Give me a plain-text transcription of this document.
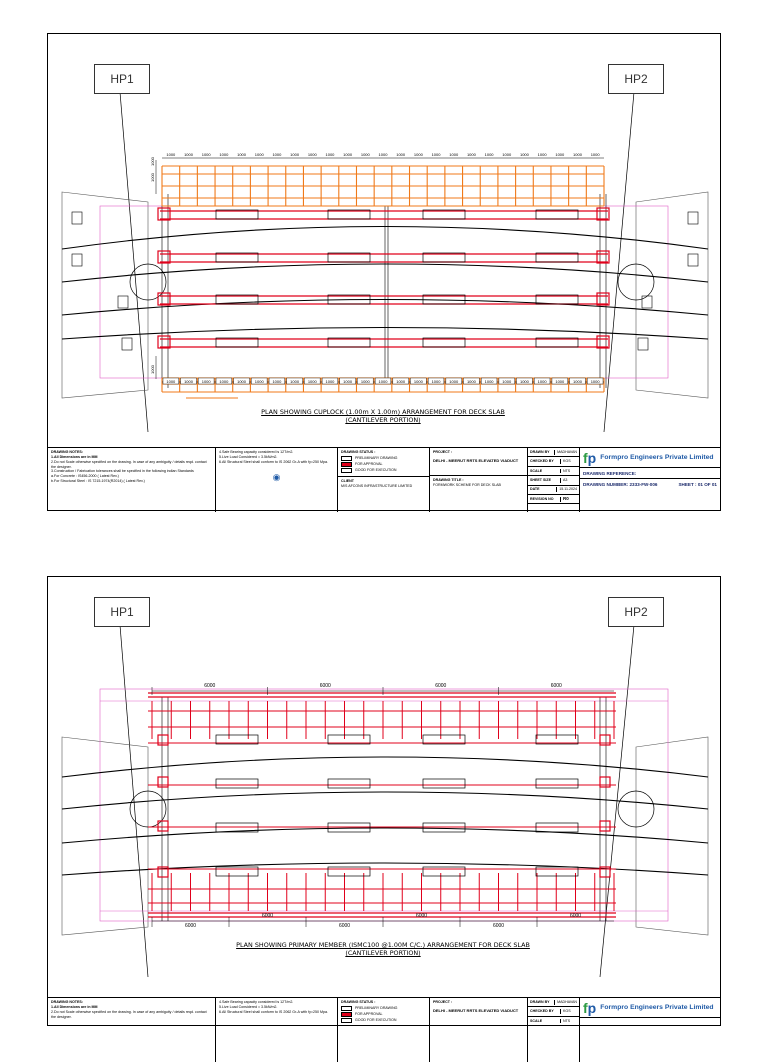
1000 1000 1000 1000 1000 1000 1000 1000 1000 1000 1000 1000 1000 1000 1000 1000 1000 1000 1000 1000 1000 1000 1000 1000 1000
1000 1000 1000 1000 1000 1000 1000 1000 1000 1000 1000 1000 1000 1000 1000 1000 1000 1000 1000 1000 1000 1000 1000 1000 1000
1000
1000
1000
HP1	HP2
PLAN SHOWING CUPLOCK (1.00m X 1.00m) ARRANGEMENT FOR DECK SLAB
(CANTILEVER PORTION)
DRAWING NOTES:
1.All Dimensions are in MM
2.Do not Scale otherwise specified on the drawing. In case of any ambiguity / details reqd. contact the designer.
3.Construction / Fabrication tolerances shall be specified in the following indian Standards
a.For Concrete : IS456-2000 ( Latest Rev.)
b.For Structural Steel : IS 7215-1974(R2014) ( Latest Rev.)
4.Safe Bearing capacity considered is 12T/m2.
5.Live Load Considered = 3.5kN/m2.
6.All Structural Steel shall conform to IS 2062 Gr-A with fy=250 Mpa.
◉
DRAWING STATUS :
PRELIMINARY DRAWING
FOR APPROVAL
GOOD FOR EXECUTION
CLIENT
M/S AFCONS INFRASTRUCTURE LIMITED
PROJECT :
DELHI - MEERUT RRTS ELEVATED VIADUCT
DRAWING TITLE :
FORMWORK SCHEME FOR DECK SLAB
DRAWN BY	MADHAVAN
CHECKED BY	KGS
SCALE	NTS
SHEET SIZE	A3
DATE	15.11.2024
REVISION NO	R0
f p Formpro Engineers Private Limited
DRAWING REFERENCE:
DRAWING NUMBER: 2333-FW-006	SHEET : 01 OF 01
6000	6000	6000	6000
6000
6000
6000
6000
6000
6000
HP1	HP2
PLAN SHOWING PRIMARY MEMBER (ISMC100 @1.00M C/C.) ARRANGEMENT FOR DECK SLAB
(CANTILEVER PORTION)
DRAWING NOTES:
1.All Dimensions are in MM
2.Do not Scale otherwise specified on the drawing. In case of any ambiguity / details reqd. contact the designer.
4.Safe Bearing capacity considered is 12T/m2.
5.Live Load Considered = 3.5kN/m2.
6.All Structural Steel shall conform to IS 2062 Gr-A with fy=250 Mpa.
DRAWING STATUS :
PRELIMINARY DRAWING
FOR APPROVAL
GOOD FOR EXECUTION
PROJECT :
DELHI - MEERUT RRTS ELEVATED VIADUCT
DRAWN BY	MADHAVAN
CHECKED BY	KGS
SCALE	NTS
f p Formpro Engineers Private Limited
